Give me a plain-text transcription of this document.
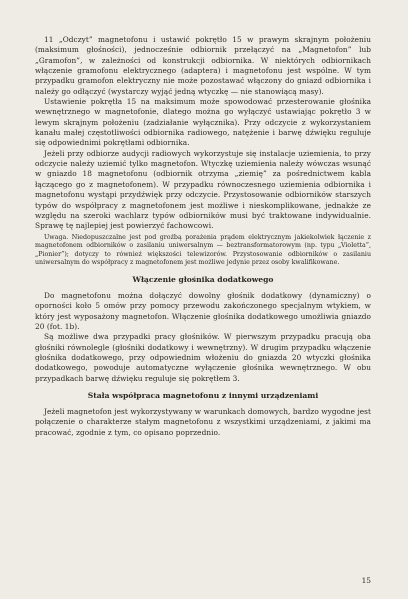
11 „Odczyt” magnetofonu i ustawić pokrętło 15 w prawym skrajnym położeniu (maksimum głośności), jednocześnie odbiornik przełączyć na „Magnetofon” lub „Gramofon”, w zależności od konstrukcji odbiornika. W niektórych odbiornikach włączenie gramofonu elektrycznego (adaptera) i magnetofonu jest wspólne. W tym przypadku gramofon elektryczny nie może pozostawać włączony do gniazd odbiornika i należy go odłączyć (wystarczy wyjąć jedną wtyczkę — nie stanowiącą masy).

Ustawienie pokrętła 15 na maksimum może spowodować przesterowanie głośnika wewnętrznego w magnetofonie, dlatego można go wyłączyć ustawiając pokrętło 3 w lewym skrajnym położeniu (zadziałanie wyłącznika). Przy odczycie z wykorzystaniem kanału małej częstotliwości odbiornika radiowego, natężenie i barwę dźwięku reguluje się odpowiednimi pokrętłami odbiornika.

Jeżeli przy odbiorze audycji radiowych wykorzystuje się instalacje uziemienia, to przy odczycie należy uziemić tylko magnetofon. Wtyczkę uziemienia należy wówczas wsunąć w gniazdo 18 magnetofonu (odbiornik otrzyma „ziemię” za pośrednictwem kabla łączącego go z magnetofonem). W przypadku równoczesnego uziemienia odbiornika i magnetofonu wystąpi przydźwięk przy odczycie. Przystosowanie odbiorników starszych typów do współpracy z magnetofonem jest możliwe i nieskomplikowane, jednakże ze względu na szeroki wachlarz typów odbiorników musi być traktowane indywidualnie. Sprawę tę najlepiej jest powierzyć fachowcowi.

Uwaga. Niedopuszczalne jest pod groźbą porażenia prądem elektrycznym jakiekolwiek łączenie z magnetofonem odbiorników o zasilaniu uniwersalnym — beztransformatorowym (np. typu „Violetta”, „Pionier”); dotyczy to również większości telewizorów. Przystosowanie odbiorników o zasilaniu uniwersalnym do współpracy z magnetofonem jest możliwe jedynie przez osoby kwalifikowane.

Włączenie głośnika dodatkowego

Do magnetofonu można dołączyć dowolny głośnik dodatkowy (dynamiczny) o oporności koło 5 omów przy pomocy przewodu zakończonego specjalnym wtykiem, w który jest wyposażony magnetofon. Włączenie głośnika dodatkowego umożliwia gniazdo 20 (fot. 1b).

Są możliwe dwa przypadki pracy głośników. W pierwszym przypadku pracują oba głośniki równolegle (głośniki dodatkowy i wewnętrzny). W drugim przypadku włączenie głośnika dodatkowego, przy odpowiednim włożeniu do gniazda 20 wtyczki głośnika dodatkowego, powoduje automatyczne wyłączenie głośnika wewnętrznego. W obu przypadkach barwę dźwięku reguluje się pokrętłem 3.

Stała współpraca magnetofonu z innymi urządzeniami

Jeżeli magnetofon jest wykorzystywany w warunkach domowych, bardzo wygodne jest połączenie o charakterze stałym magnetofonu z wszystkimi urządzeniami, z jakimi ma pracować, zgodnie z tym, co opisano poprzednio.

15
